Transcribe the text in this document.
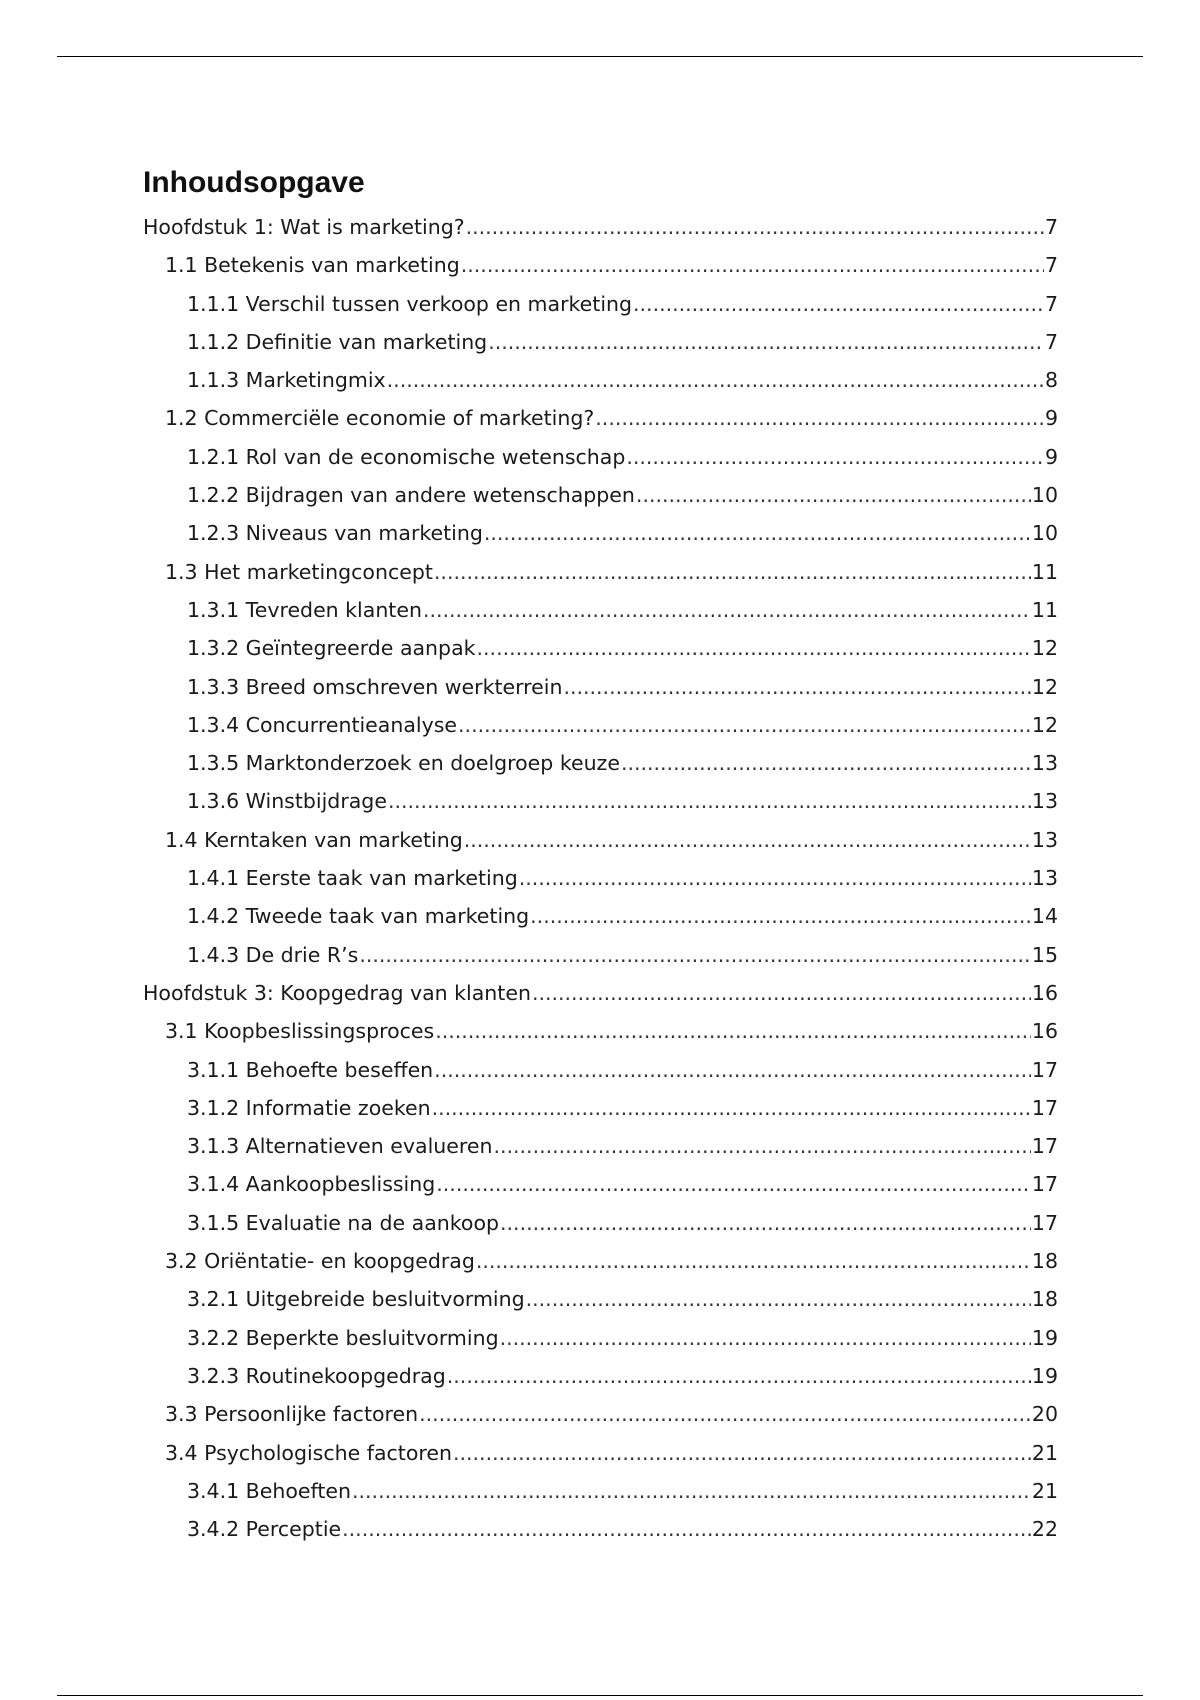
Inhoudsopgave
Hoofdstuk 1: Wat is marketing? .....	7
1.1 Betekenis van marketing .....	7
1.1.1 Verschil tussen verkoop en marketing .....	7
1.1.2 Definitie van marketing .....	7
1.1.3 Marketingmix .....	8
1.2 Commerciële economie of marketing? .....	9
1.2.1 Rol van de economische wetenschap .....	9
1.2.2 Bijdragen van andere wetenschappen .....	10
1.2.3 Niveaus van marketing .....	10
1.3 Het marketingconcept .....	11
1.3.1 Tevreden klanten .....	11
1.3.2 Geïntegreerde aanpak .....	12
1.3.3 Breed omschreven werkterrein .....	12
1.3.4 Concurrentieanalyse .....	12
1.3.5 Marktonderzoek en doelgroep keuze .....	13
1.3.6 Winstbijdrage .....	13
1.4 Kerntaken van marketing .....	13
1.4.1 Eerste taak van marketing .....	13
1.4.2 Tweede taak van marketing .....	14
1.4.3 De drie R’s .....	15
Hoofdstuk 3: Koopgedrag van klanten .....	16
3.1 Koopbeslissingsproces .....	16
3.1.1 Behoefte beseffen .....	17
3.1.2 Informatie zoeken .....	17
3.1.3 Alternatieven evalueren .....	17
3.1.4 Aankoopbeslissing .....	17
3.1.5 Evaluatie na de aankoop .....	17
3.2 Oriëntatie- en koopgedrag .....	18
3.2.1 Uitgebreide besluitvorming .....	18
3.2.2 Beperkte besluitvorming .....	19
3.2.3 Routinekoopgedrag .....	19
3.3 Persoonlijke factoren .....	20
3.4 Psychologische factoren .....	21
3.4.1 Behoeften .....	21
3.4.2 Perceptie .....	22
